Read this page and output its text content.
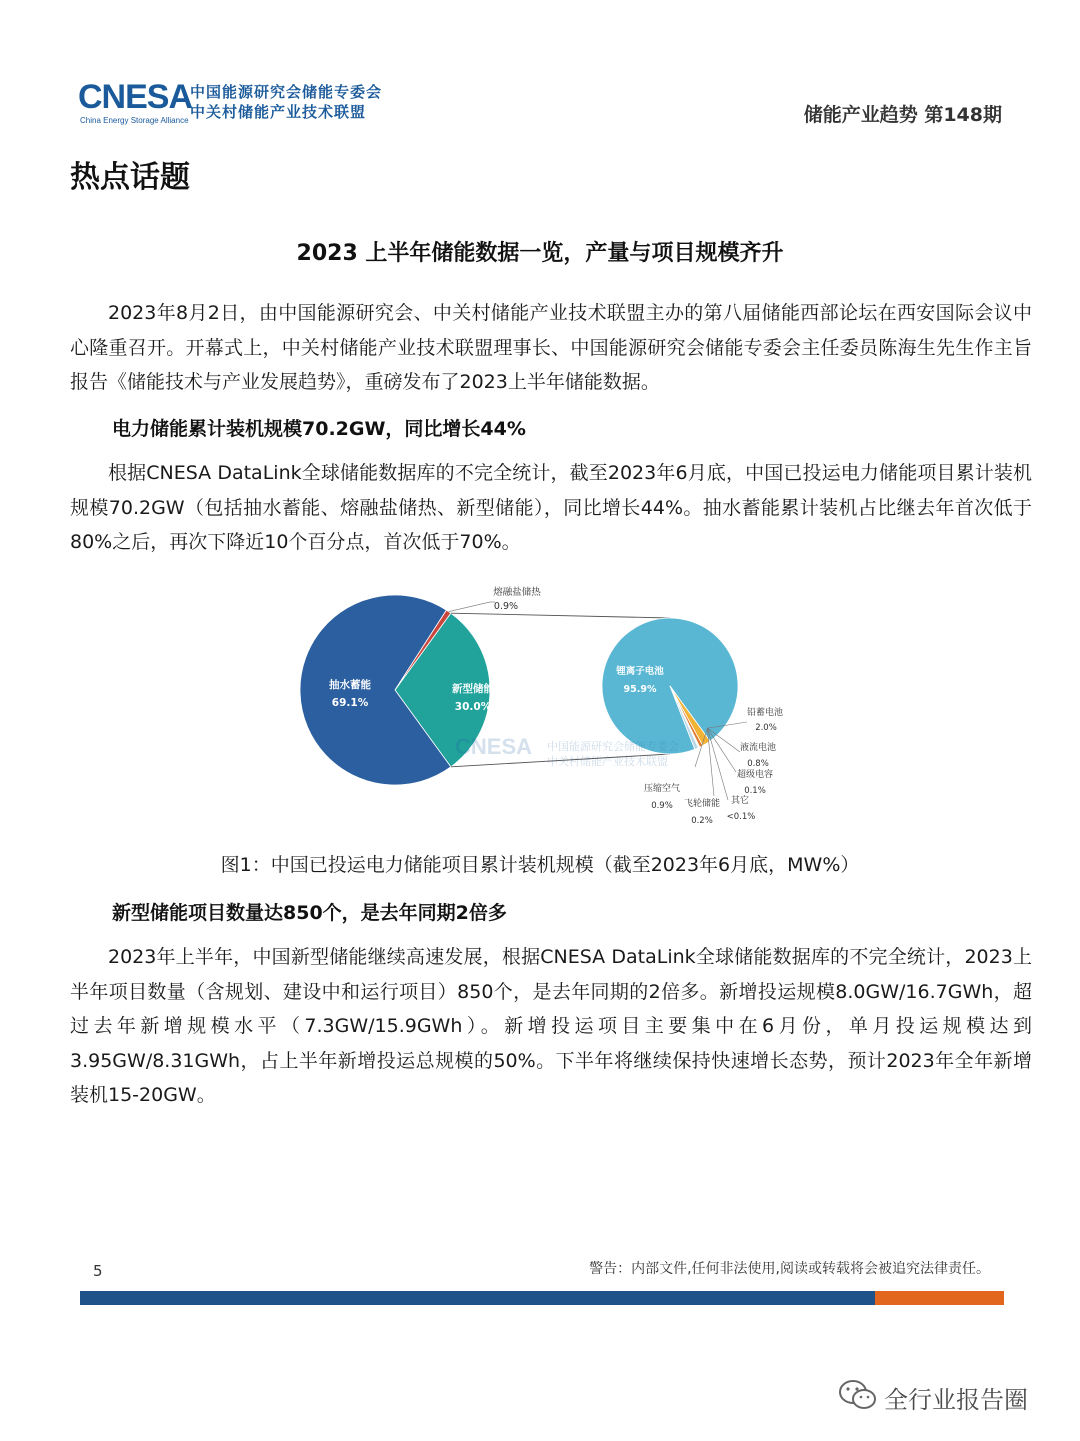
CNESA
China Energy Storage Alliance
中国能源研究会储能专委会
中关村储能产业技术联盟	储能产业趋势 第148期
热点话题
2023 上半年储能数据一览，产量与项目规模齐升

2023年8月2日，由中国能源研究会、中关村储能产业技术联盟主办的第八届储能西部论坛在西安国际会议中心隆重召开。开幕式上，中关村储能产业技术联盟理事长、中国能源研究会储能专委会主任委员陈海生先生作主旨报告《储能技术与产业发展趋势》，重磅发布了2023上半年储能数据。

电力储能累计装机规模70.2GW，同比增长44%

根据CNESA DataLink全球储能数据库的不完全统计，截至2023年6月底，中国已投运电力储能项目累计装机规模70.2GW（包括抽水蓄能、熔融盐储热、新型储能），同比增长44%。抽水蓄能累计装机占比继去年首次低于80%之后，再次下降近10个百分点，首次低于70%。

抽水蓄能
69.1%
新型储能
30.0%
熔融盐储热
0.9%
锂离子电池
95.9%
铅蓄电池
2.0%
液流电池
0.8%
超级电容
0.1%
其它
<0.1%
飞轮储能
0.2%
压缩空气
0.9%
CNESA 中国能源研究会储能专委会
中关村储能产业技术联盟
图1：中国已投运电力储能项目累计装机规模（截至2023年6月底，MW%）
新型储能项目数量达850个，是去年同期2倍多

2023年上半年，中国新型储能继续高速发展，根据CNESA DataLink全球储能数据库的不完全统计，2023上半年项目数量（含规划、建设中和运行项目）850个，是去年同期的2倍多。新增投运规模8.0GW/16.7GWh，超过去年新增规模水平（7.3GW/15.9GWh）。新增投运项目主要集中在6月份，单月投运规模达到3.95GW/8.31GWh，占上半年新增投运总规模的50%。下半年将继续保持快速增长态势，预计2023年全年新增装机15-20GW。

5	警告：内部文件,任何非法使用,阅读或转载将会被追究法律责任。
全行业报告圈
